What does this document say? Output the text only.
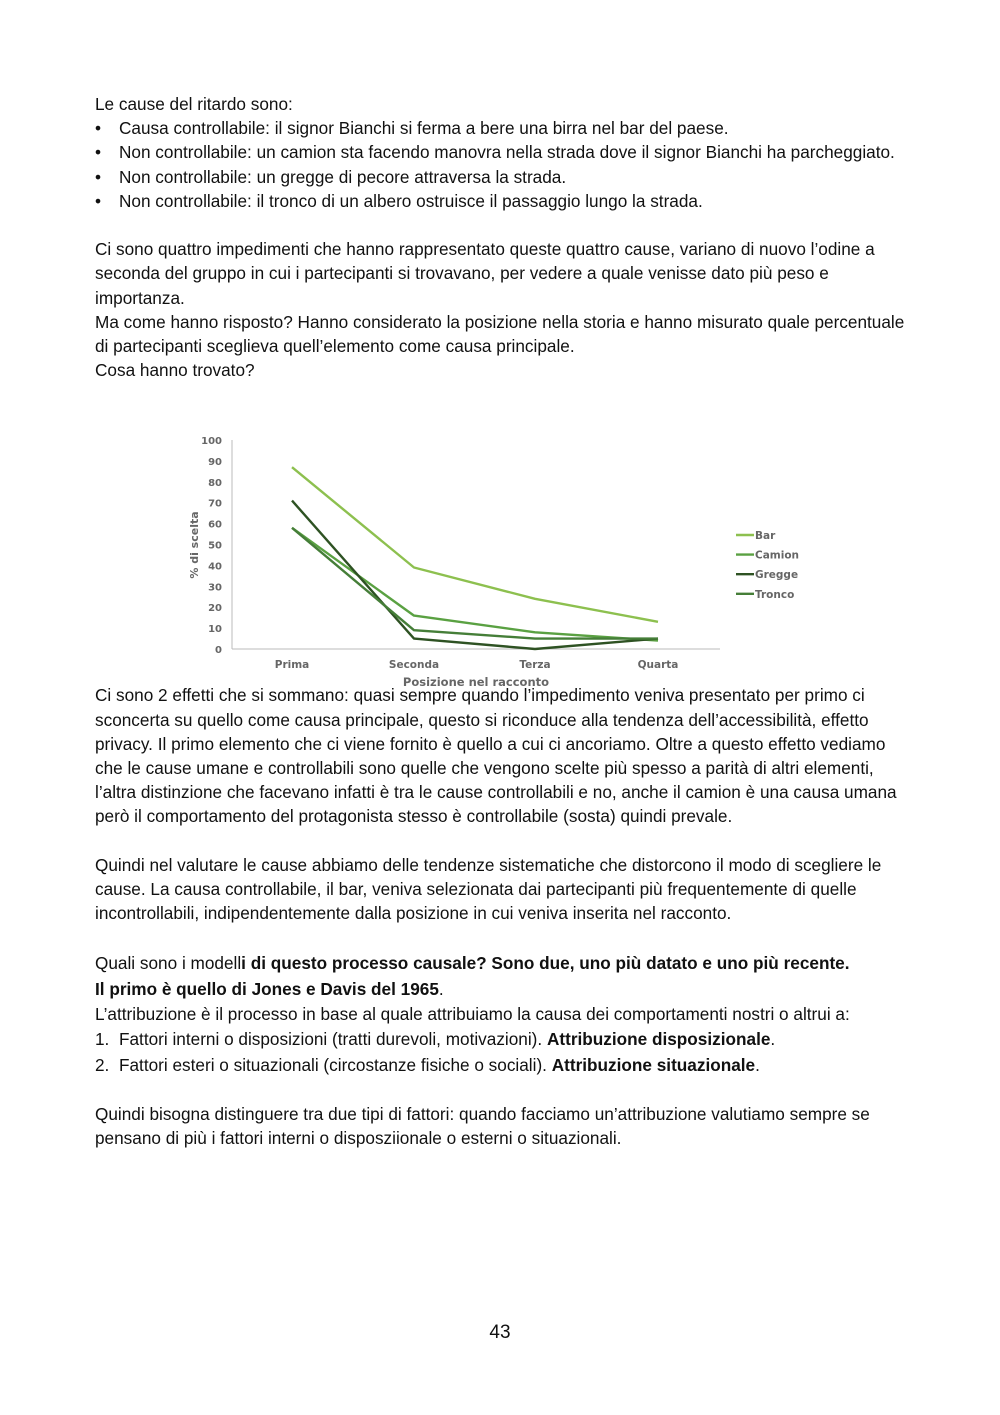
Le cause del ritardo sono:

•	Causa controllabile: il signor Bianchi si ferma a bere una birra nel bar del paese.
•	Non controllabile: un camion sta facendo manovra nella strada dove il signor Bianchi ha parcheggiato.
•	Non controllabile: un gregge di pecore attraversa la strada.
•	Non controllabile: il tronco di un albero ostruisce il passaggio lungo la strada.

Ci sono quattro impedimenti che hanno rappresentato queste quattro cause, variano di nuovo l’odine a seconda del gruppo in cui i partecipanti si trovavano, per vedere a quale venisse dato più peso e importanza.

Ma come hanno risposto? Hanno considerato la posizione nella storia e hanno misurato quale percentuale di partecipanti sceglieva quell’elemento come causa principale.

Cosa hanno trovato?

Ci sono 2 effetti che si sommano: quasi sempre quando l’impedimento veniva presentato per primo ci sconcerta su quello come causa principale, questo si riconduce alla tendenza dell’accessibilità, effetto privacy. Il primo elemento che ci viene fornito è quello a cui ci ancoriamo. Oltre a questo effetto vediamo che le cause umane e controllabili sono quelle che vengono scelte più spesso a parità di altri elementi, l’altra distinzione che facevano infatti è tra le cause controllabili e no, anche il camion è una causa umana però il comportamento del protagonista stesso è controllabile (sosta) quindi prevale.

Quindi nel valutare le cause abbiamo delle tendenze sistematiche che distorcono il modo di scegliere le cause. La causa controllabile, il bar, veniva selezionata dai partecipanti più frequentemente di quelle incontrollabili, indipendentemente dalla posizione in cui veniva inserita nel racconto.

Quali sono i modelli di questo processo causale? Sono due, uno più datato e uno più recente.

Il primo è quello di Jones e Davis del 1965.

L’attribuzione è il processo in base al quale attribuiamo la causa dei comportamenti nostri o altrui a:

1. Fattori interni o disposizioni (tratti durevoli, motivazioni). Attribuzione disposizionale.
2. Fattori esteri o situazionali (circostanze fisiche o sociali). Attribuzione situazionale.

Quindi bisogna distinguere tra due tipi di fattori: quando facciamo un’attribuzione valutiamo sempre se pensano di più i fattori interni o disposziionale o esterni o situazionali.

0
10
20
30
40
50
60
70
80
90
100
Prima	Seconda	Terza	Quarta
Bar
Camion
Gregge
Tronco
% di scelta
Posizione nel racconto
43
